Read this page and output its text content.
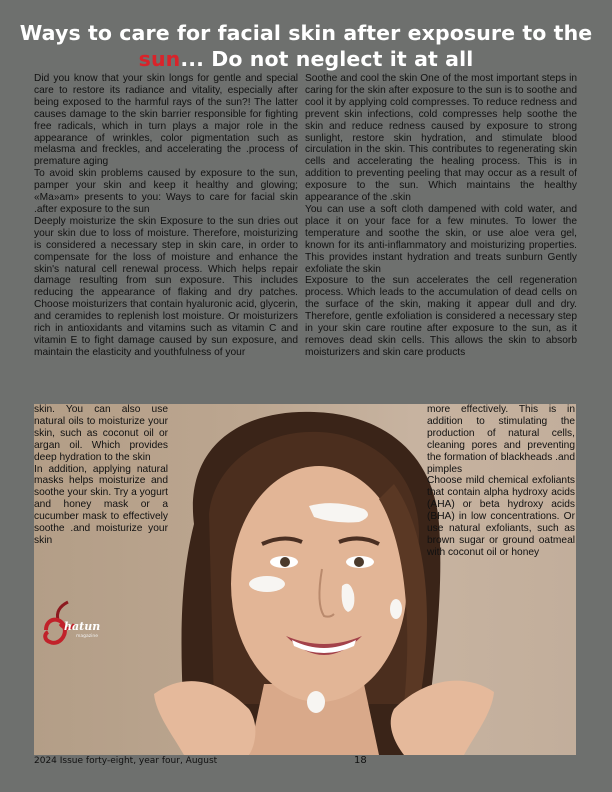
Ways to care for facial skin after exposure to the sun... Do not neglect it at all

Did you know that your skin longs for gentle and special care to restore its radiance and vitality, especially after being exposed to the harmful rays of the sun?! The latter causes damage to the skin barrier responsible for fighting free radicals, which in turn plays a major role in the appearance of wrinkles, color pigmentation such as melasma and freckles, and accelerating the .process of premature aging

To avoid skin problems caused by exposure to the sun, pamper your skin and keep it healthy and glowing; «Ma»am» presents to you: Ways to care for facial skin .after exposure to the sun

Deeply moisturize the skin Exposure to the sun dries out your skin due to loss of moisture. Therefore, moisturizing is considered a necessary step in skin care, in order to compensate for the loss of moisture and enhance the skin's natural cell renewal process. Which helps repair damage resulting from sun exposure. This includes reducing the appearance of flaking and dry patches. Choose moisturizers that contain hyaluronic acid, glycerin, and ceramides to replenish lost moisture. Or moisturizers rich in antioxidants and vitamins such as vitamin C and vitamin E to fight damage caused by sun exposure, and maintain the elasticity and youthfulness of your

Soothe and cool the skin One of the most important steps in caring for the skin after exposure to the sun is to soothe and cool it by applying cold compresses. To reduce redness and prevent skin infections, cold compresses help soothe the skin and reduce redness caused by exposure to strong sunlight, restore skin hydration, and stimulate blood circulation in the skin. This contributes to regenerating skin cells and accelerating the healing process. This is in addition to preventing peeling that may occur as a result of exposure to the sun. Which maintains the healthy appearance of the .skin

You can use a soft cloth dampened with cold water, and place it on your face for a few minutes. To lower the temperature and soothe the skin, or use aloe vera gel, known for its anti-inflammatory and moisturizing properties. This provides instant hydration and treats sunburn Gently exfoliate the skin

Exposure to the sun accelerates the cell regeneration process. Which leads to the accumulation of dead cells on the surface of the skin, making it appear dull and dry. Therefore, gentle exfoliation is considered a necessary step in your skin care routine after exposure to the sun, as it removes dead skin cells. This allows the skin to absorb moisturizers and skin care products

skin. You can also use natural oils to moisturize your skin, such as coconut oil or argan oil. Which provides deep hydration to the skin

In addition, applying natural masks helps moisturize and soothe your skin. Try a yogurt and honey mask or a cucumber mask to effectively soothe .and moisturize your skin

more effectively. This is in addition to stimulating the production of natural cells, cleaning pores and preventing the formation of blackheads .and pimples

Choose mild chemical exfoliants that contain alpha hydroxy acids (AHA) or beta hydroxy acids (BHA) in low concentrations. Or use natural exfoliants, such as brown sugar or ground oatmeal with coconut oil or honey

hatun
magazine
2024 Issue forty-eight, year four, August	18
